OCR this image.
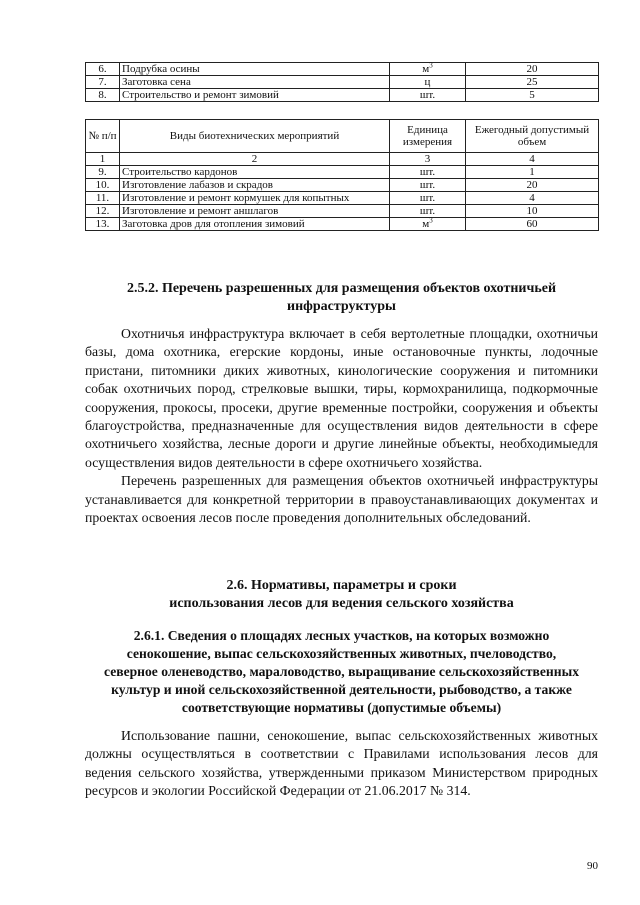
6.	Подрубка осины	$м^3$	20
7.	Заготовка сена	ц	25
8.	Строительство и ремонт зимовий	шт.	5
№ п/п	Виды биотехнических мероприятий	Единица измерения	Ежегодный допустимый объем
1	2	3	4
9.	Строительство кардонов	шт.	1
10.	Изготовление лабазов и скрадов	шт.	20
11.	Изготовление и ремонт кормушек для копытных	шт.	4
12.	Изготовление и ремонт аншлагов	шт.	10
13.	Заготовка дров для отопления зимовий	$м^3$	60
2.5.2. Перечень разрешенных для размещения объектов охотничьей
инфраструктуры

Охотничья инфраструктура включает в себя вертолетные площадки, охотничьи базы, дома охотника, егерские кордоны, иные остановочные пункты, лодочные пристани, питомники диких животных, кинологические сооружения и питомники собак охотничьих пород, стрелковые вышки, тиры, кормохранилища, подкормочные сооружения, прокосы, просеки, другие временные постройки, сооружения и объекты благоустройства, предназначенные для осуществления видов деятельности в сфере охотничьего хозяйства, лесные дороги и другие линейные объекты, необходимыедля осуществления видов деятельности в сфере охотничьего хозяйства.

Перечень разрешенных для размещения объектов охотничьей инфраструктуры устанавливается для конкретной территории в правоустанавливающих документах и проектах освоения лесов после проведения дополнительных обследований.

2.6. Нормативы, параметры и сроки
использования лесов для ведения сельского хозяйства
2.6.1. Сведения о площадях лесных участков, на которых возможно
сенокошение, выпас сельскохозяйственных животных, пчеловодство,
северное оленеводство, мараловодство, выращивание сельскохозяйственных
культур и иной сельскохозяйственной деятельности, рыбоводство, а также
соответствующие нормативы (допустимые объемы)

Использование пашни, сенокошение, выпас сельскохозяйственных животных должны осуществляться в соответствии с Правилами использования лесов для ведения сельского хозяйства, утвержденными приказом Министерством природных ресурсов и экологии Российской Федерации от 21.06.2017 № 314.

90
